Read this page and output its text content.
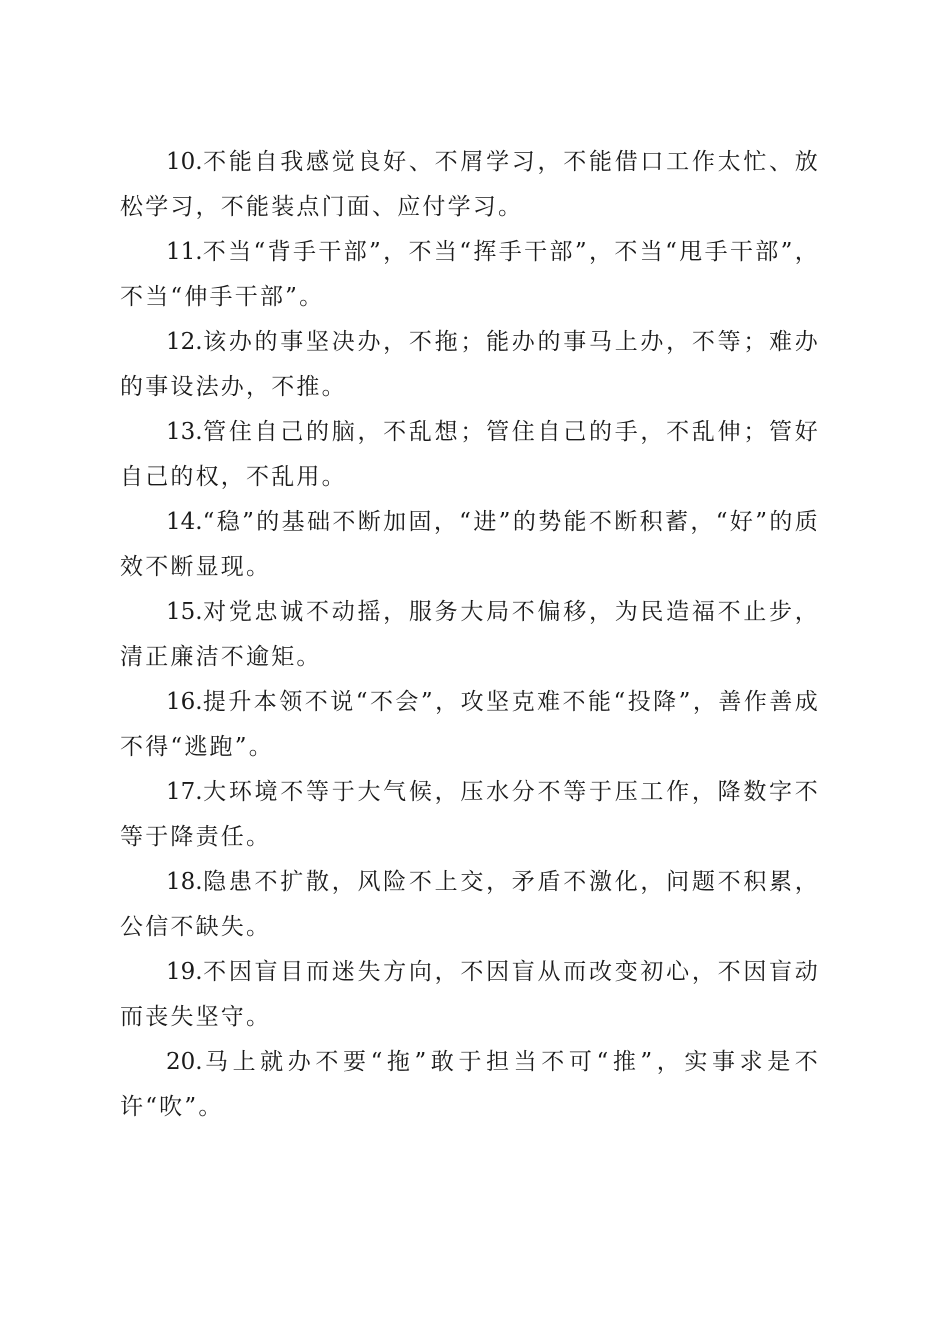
10.不能自我感觉良好、不屑学习，不能借口工作太忙、放松学习，不能装点门面、应付学习。

11.不当“背手干部”，不当“挥手干部”，不当“甩手干部”，不当“伸手干部”。

12.该办的事坚决办，不拖；能办的事马上办，不等；难办的事设法办，不推。

13.管住自己的脑，不乱想；管住自己的手，不乱伸；管好自己的权，不乱用。

14.“稳”的基础不断加固，“进”的势能不断积蓄，“好”的质效不断显现。

15.对党忠诚不动摇，服务大局不偏移，为民造福不止步，清正廉洁不逾矩。

16.提升本领不说“不会”，攻坚克难不能“投降”，善作善成不得“逃跑”。

17.大环境不等于大气候，压水分不等于压工作，降数字不等于降责任。

18.隐患不扩散，风险不上交，矛盾不激化，问题不积累，公信不缺失。

19.不因盲目而迷失方向，不因盲从而改变初心，不因盲动而丧失坚守。

20.马上就办不要“拖”敢于担当不可“推”，实事求是不许“吹”。
